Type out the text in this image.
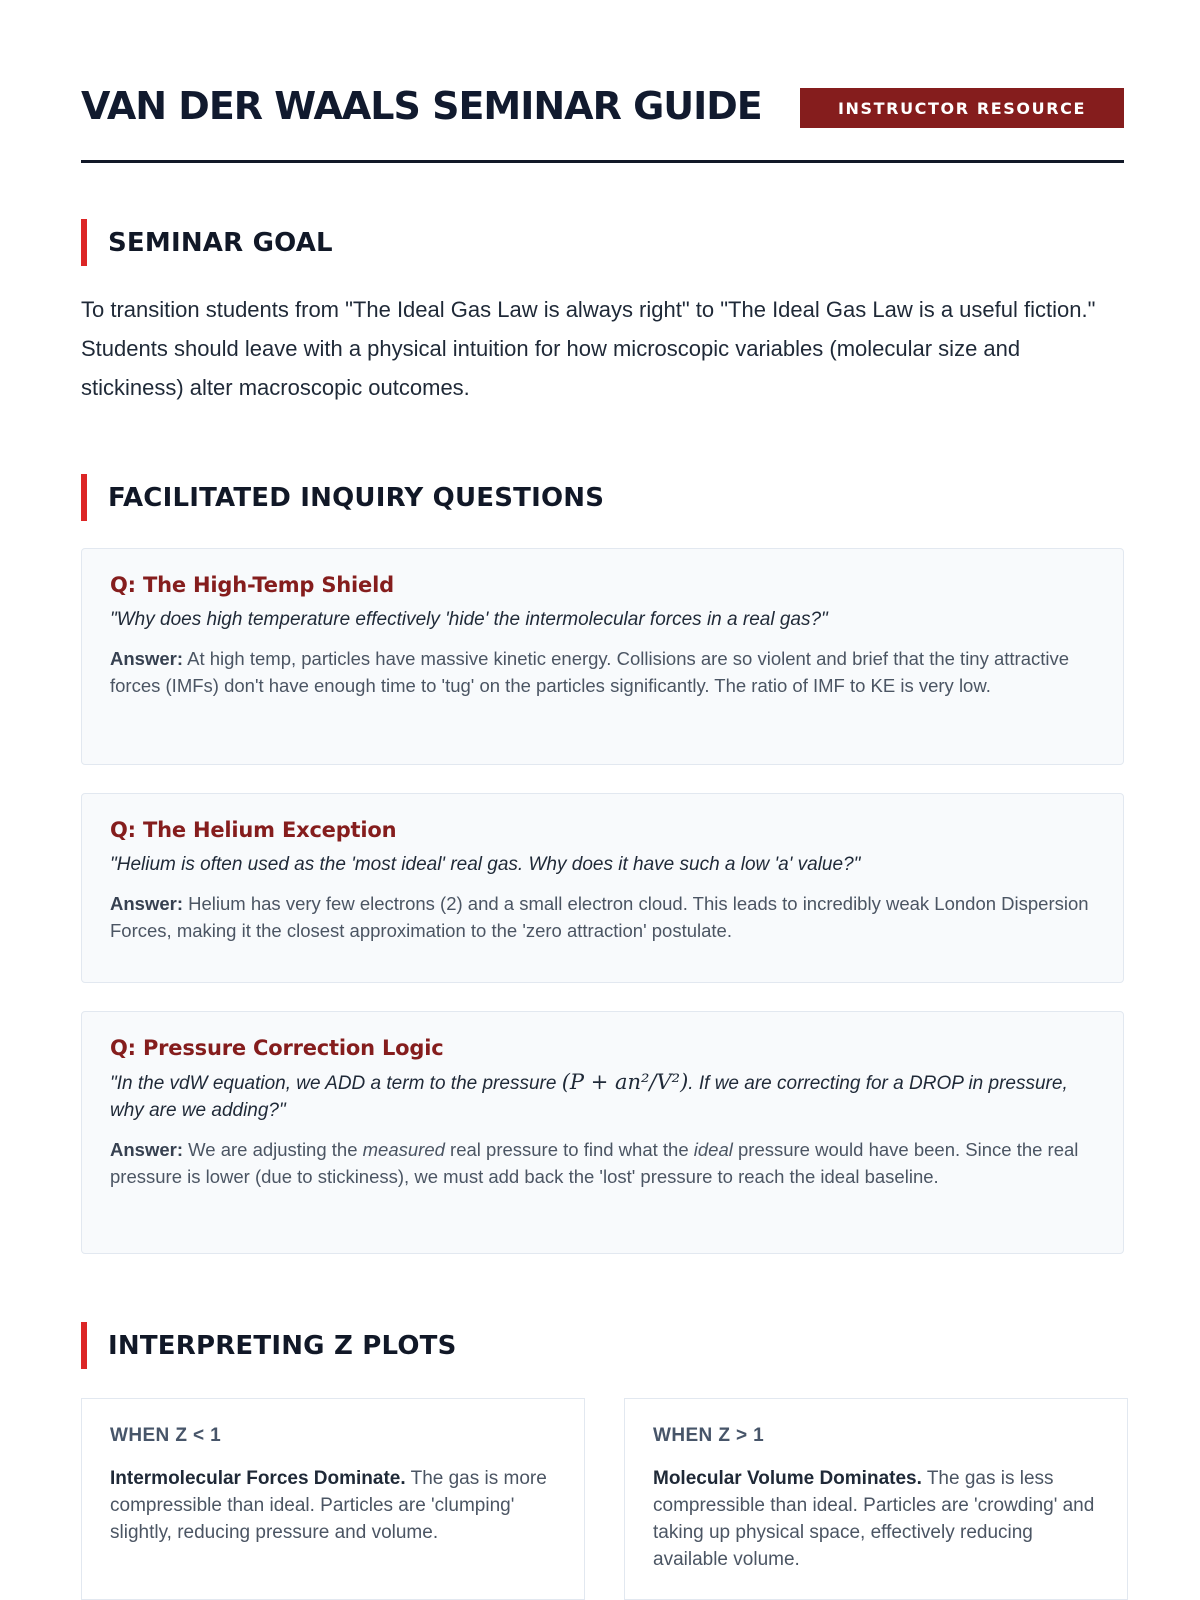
VAN DER WAALS SEMINAR GUIDE	INSTRUCTOR RESOURCE
SEMINAR GOAL

To transition students from "The Ideal Gas Law is always right" to "The Ideal Gas Law is a useful fiction." Students should leave with a physical intuition for how microscopic variables (molecular size and stickiness) alter macroscopic outcomes.

FACILITATED INQUIRY QUESTIONS
Q: The High-Temp Shield
"Why does high temperature effectively 'hide' the intermolecular forces in a real gas?"
Answer: At high temp, particles have massive kinetic energy. Collisions are so violent and brief that the tiny attractive forces (IMFs) don't have enough time to 'tug' on the particles significantly. The ratio of IMF to KE is very low.
Q: The Helium Exception
"Helium is often used as the 'most ideal' real gas. Why does it have such a low 'a' value?"
Answer: Helium has very few electrons (2) and a small electron cloud. This leads to incredibly weak London Dispersion Forces, making it the closest approximation to the 'zero attraction' postulate.
Q: Pressure Correction Logic
"In the vdW equation, we ADD a term to the pressure (P + an²/V²). If we are correcting for a DROP in pressure, why are we adding?"
Answer: We are adjusting the measured real pressure to find what the ideal pressure would have been. Since the real pressure is lower (due to stickiness), we must add back the 'lost' pressure to reach the ideal baseline.
INTERPRETING Z PLOTS
WHEN Z < 1
Intermolecular Forces Dominate. The gas is more compressible than ideal. Particles are 'clumping' slightly, reducing pressure and volume.
WHEN Z > 1
Molecular Volume Dominates. The gas is less compressible than ideal. Particles are 'crowding' and taking up physical space, effectively reducing available volume.
